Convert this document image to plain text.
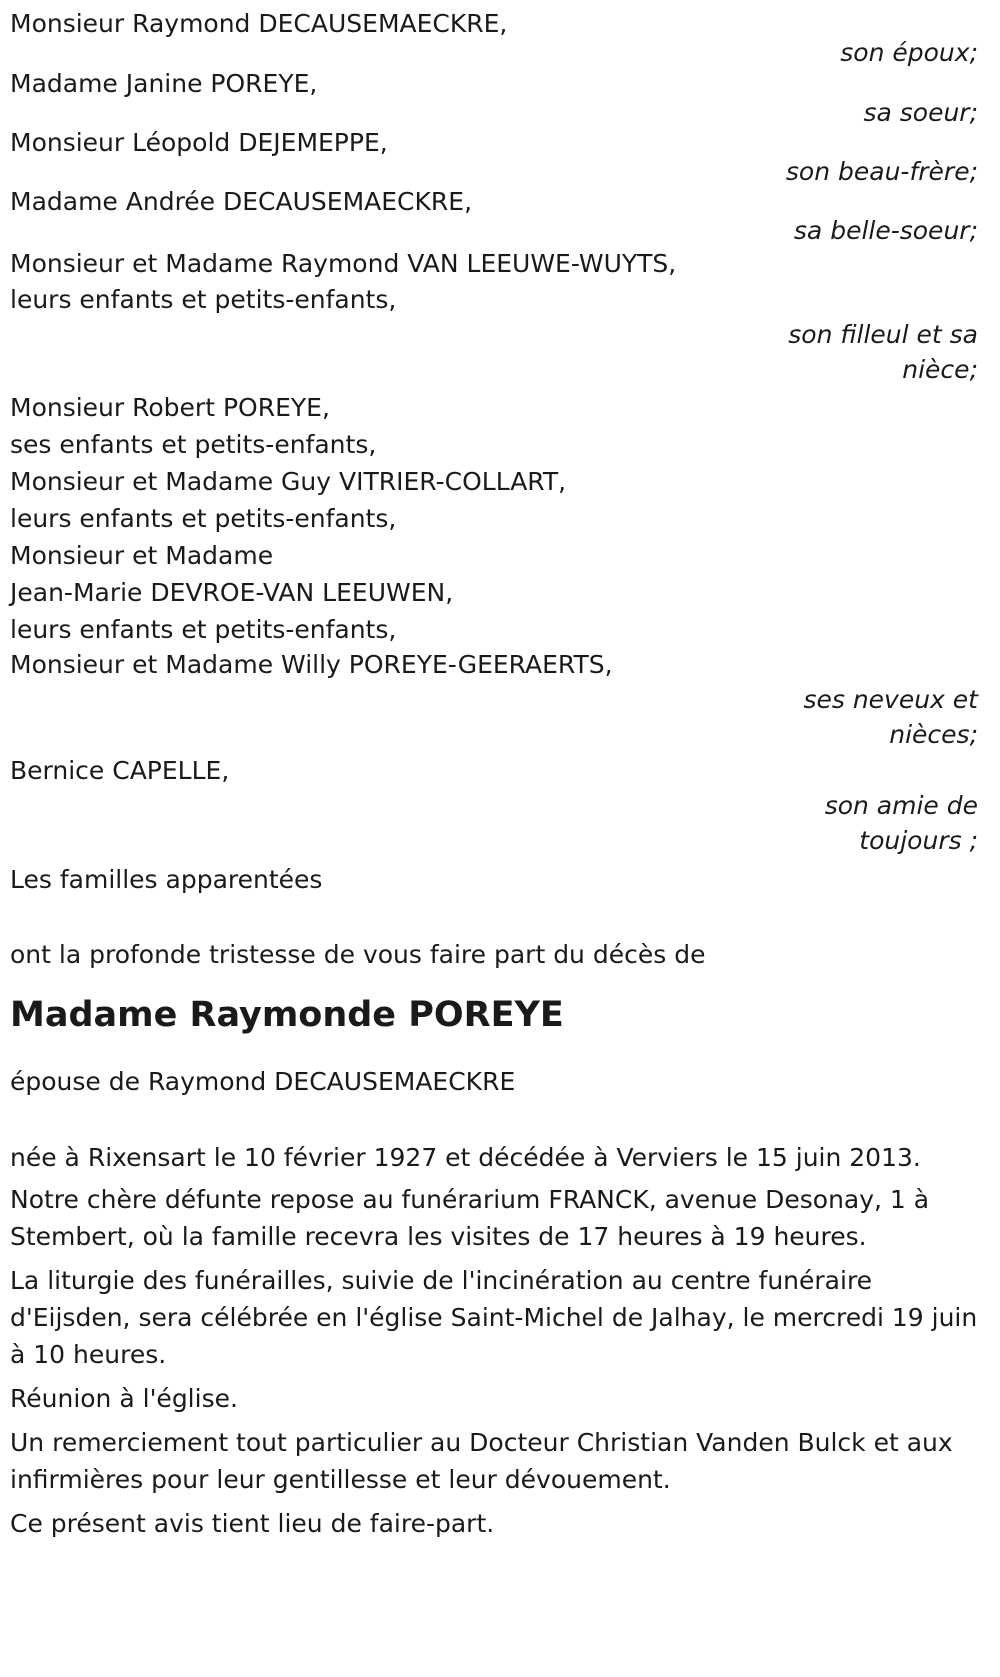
Monsieur Raymond DECAUSEMAECKRE,

son époux;

Madame Janine POREYE,

sa soeur;

Monsieur Léopold DEJEMEPPE,

son beau-frère;

Madame Andrée DECAUSEMAECKRE,

sa belle-soeur;

Monsieur et Madame Raymond VAN LEEUWE-WUYTS,

leurs enfants et petits-enfants,

son filleul et sa

nièce;

Monsieur Robert POREYE,

ses enfants et petits-enfants,

Monsieur et Madame Guy VITRIER-COLLART,

leurs enfants et petits-enfants,

Monsieur et Madame

Jean-Marie DEVROE-VAN LEEUWEN,

leurs enfants et petits-enfants,

Monsieur et Madame Willy POREYE-GEERAERTS,

ses neveux et

nièces;

Bernice CAPELLE,

son amie de

toujours ;

Les familles apparentées

ont la profonde tristesse de vous faire part du décès de

Madame Raymonde POREYE

épouse de Raymond DECAUSEMAECKRE

née à Rixensart le 10 février 1927 et décédée à Verviers le 15 juin 2013.

Notre chère défunte repose au funérarium FRANCK, avenue Desonay, 1 à Stembert, où la famille recevra les visites de 17 heures à 19 heures.

La liturgie des funérailles, suivie de l'incinération au centre funéraire d'Eijsden, sera célébrée en l'église Saint-Michel de Jalhay, le mercredi 19 juin à 10 heures.

Réunion à l'église.

Un remerciement tout particulier au Docteur Christian Vanden Bulck et aux infirmières pour leur gentillesse et leur dévouement.

Ce présent avis tient lieu de faire-part.
